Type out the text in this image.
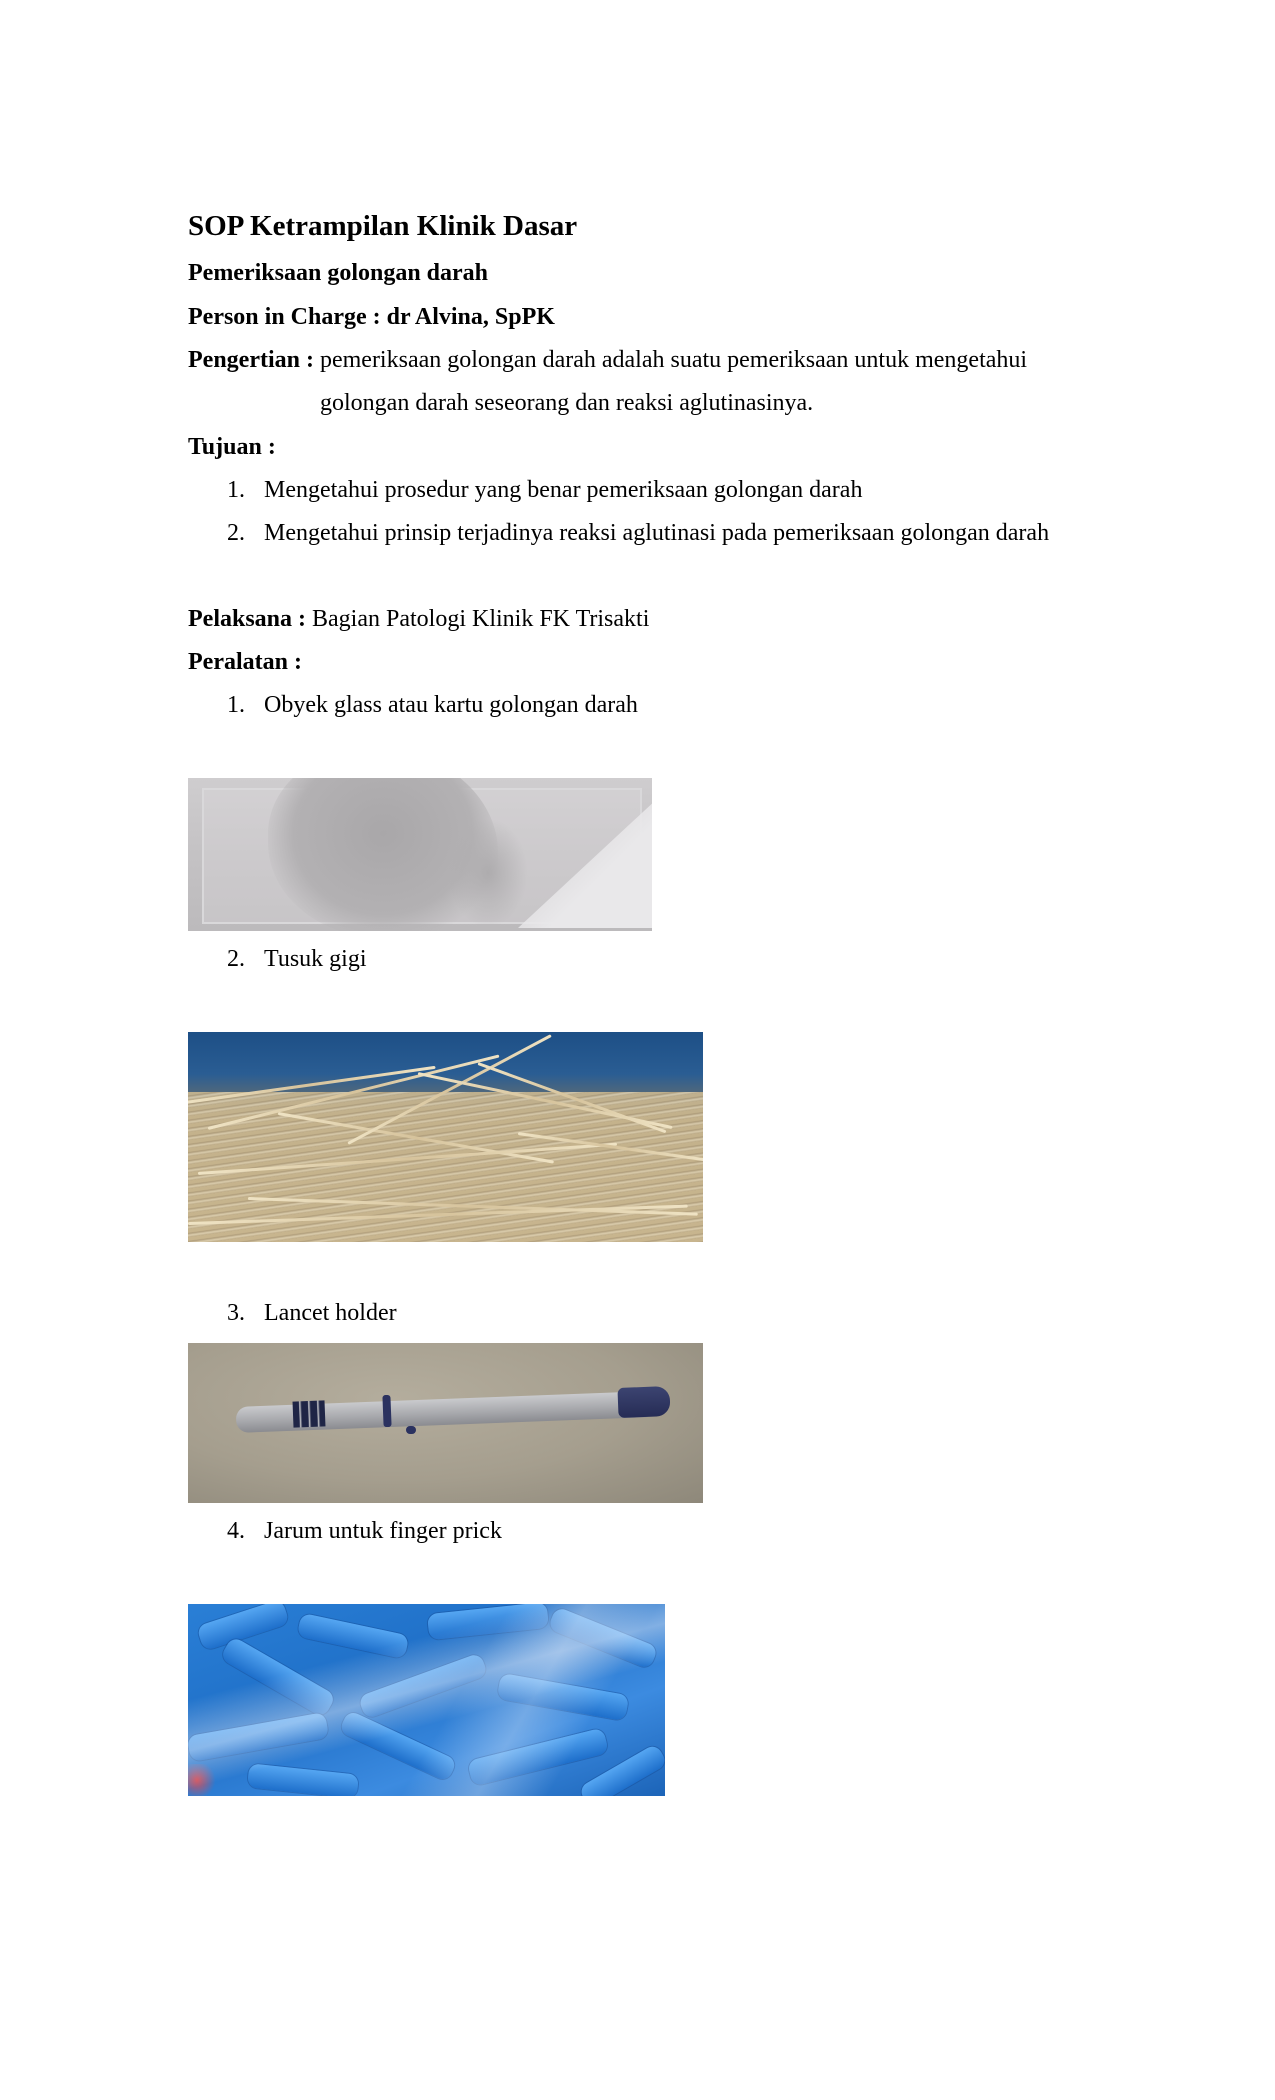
SOP Ketrampilan Klinik Dasar
Pemeriksaan golongan darah
Person in Charge : dr Alvina, SpPK
Pengertian : pemeriksaan golongan darah adalah suatu pemeriksaan untuk mengetahui
golongan darah seseorang dan reaksi aglutinasinya.
Tujuan :
1. Mengetahui prosedur yang benar pemeriksaan golongan darah
2. Mengetahui prinsip terjadinya reaksi aglutinasi pada pemeriksaan golongan darah
Pelaksana : Bagian Patologi Klinik FK Trisakti
Peralatan :
1. Obyek glass atau kartu golongan darah
2. Tusuk gigi
3. Lancet holder
4. Jarum untuk finger prick
